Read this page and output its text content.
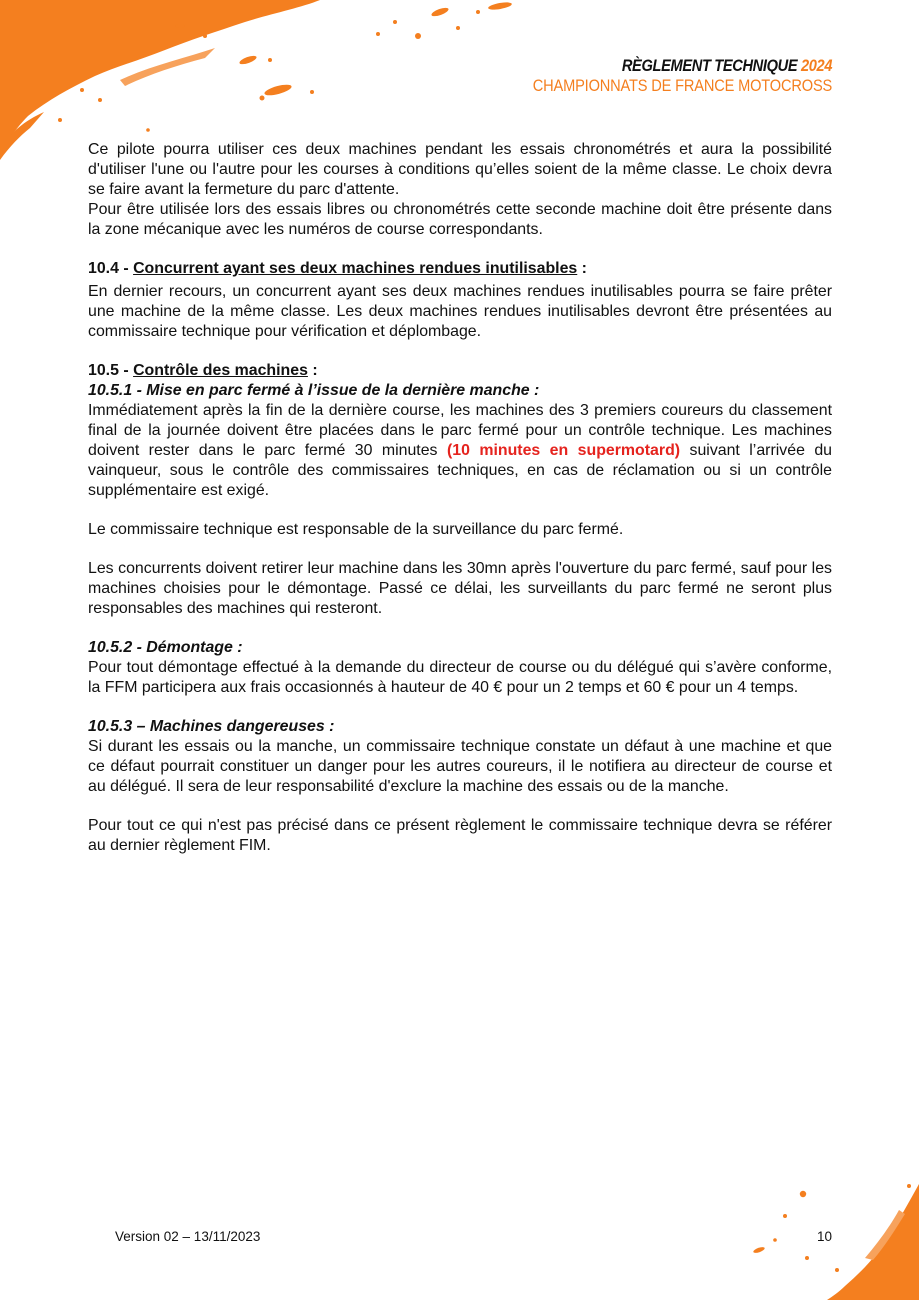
RÈGLEMENT TECHNIQUE 2024
CHAMPIONNATS DE FRANCE MOTOCROSS

Ce pilote pourra utiliser ces deux machines pendant les essais chronométrés et aura la possibilité d'utiliser l'une ou l'autre pour les courses à conditions qu’elles soient de la même classe. Le choix devra se faire avant la fermeture du parc d'attente.

Pour être utilisée lors des essais libres ou chronométrés cette seconde machine doit être présente dans la zone mécanique avec les numéros de course correspondants.

10.4 - Concurrent ayant ses deux machines rendues inutilisables :

En dernier recours, un concurrent ayant ses deux machines rendues inutilisables pourra se faire prêter une machine de la même classe. Les deux machines rendues inutilisables devront être présentées au commissaire technique pour vérification et déplombage.

10.5 - Contrôle des machines :

10.5.1 - Mise en parc fermé à l’issue de la dernière manche :

Immédiatement après la fin de la dernière course, les machines des 3 premiers coureurs du classement final de la journée doivent être placées dans le parc fermé pour un contrôle technique. Les machines doivent rester dans le parc fermé 30 minutes (10 minutes en supermotard) suivant l’arrivée du vainqueur, sous le contrôle des commissaires techniques, en cas de réclamation ou si un contrôle supplémentaire est exigé.

Le commissaire technique est responsable de la surveillance du parc fermé.

Les concurrents doivent retirer leur machine dans les 30mn après l'ouverture du parc fermé, sauf pour les machines choisies pour le démontage. Passé ce délai, les surveillants du parc fermé ne seront plus responsables des machines qui resteront.

10.5.2 - Démontage :

Pour tout démontage effectué à la demande du directeur de course ou du délégué qui s’avère conforme, la FFM participera aux frais occasionnés à hauteur de 40 € pour un 2 temps et 60 € pour un 4 temps.

10.5.3 – Machines dangereuses :

Si durant les essais ou la manche, un commissaire technique constate un défaut à une machine et que ce défaut pourrait constituer un danger pour les autres coureurs, il le notifiera au directeur de course et au délégué. Il sera de leur responsabilité d'exclure la machine des essais ou de la manche.

Pour tout ce qui n'est pas précisé dans ce présent règlement le commissaire technique devra se référer au dernier règlement FIM.

Version 02 – 13/11/2023	10
